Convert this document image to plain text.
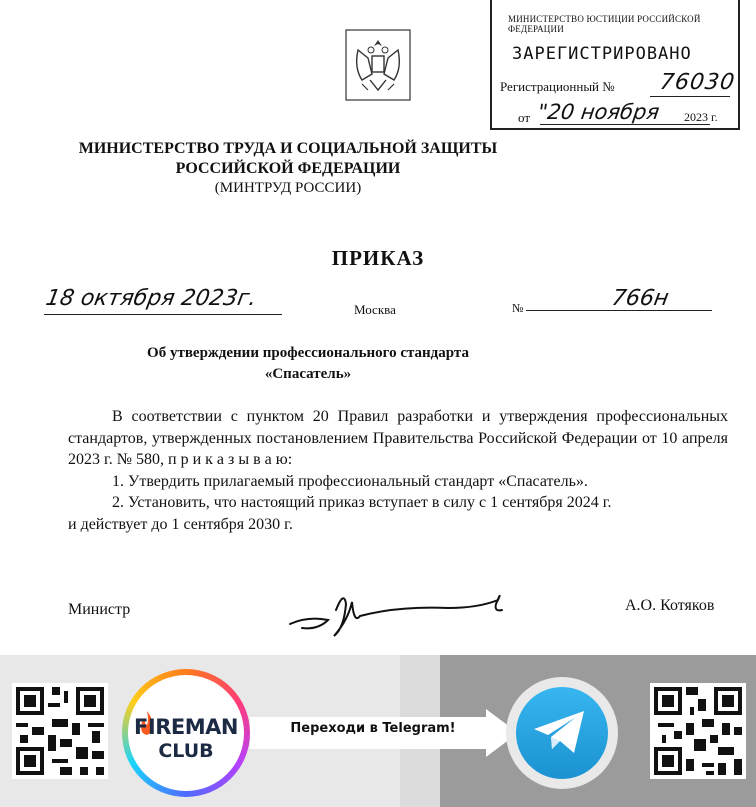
МИНИСТЕРСТВО ЮСТИЦИИ РОССИЙСКОЙ ФЕДЕРАЦИИ
ЗАРЕГИСТРИРОВАНО
Регистрационный № 76030
от "20 ноября 2023 г.
МИНИСТЕРСТВО ТРУДА И СОЦИАЛЬНОЙ ЗАЩИТЫ
РОССИЙСКОЙ ФЕДЕРАЦИИ
(МИНТРУД РОССИИ)
ПРИКАЗ
18 октября 2023г.	Москва	№	766н
Об утверждении профессионального стандарта
«Спасатель»

В соответствии с пунктом 20 Правил разработки и утверждения профессиональных стандартов, утвержденных постановлением Правительства Российской Федерации от 10 апреля 2023 г. № 580, п р и к а з ы в а ю:

1. Утвердить прилагаемый профессиональный стандарт «Спасатель».

2. Установить, что настоящий приказ вступает в силу с 1 сентября 2024 г.

и действует до 1 сентября 2030 г.

Министр	А.О. Котяков
FIREMAN
CLUB
Переходи в Telegram!
